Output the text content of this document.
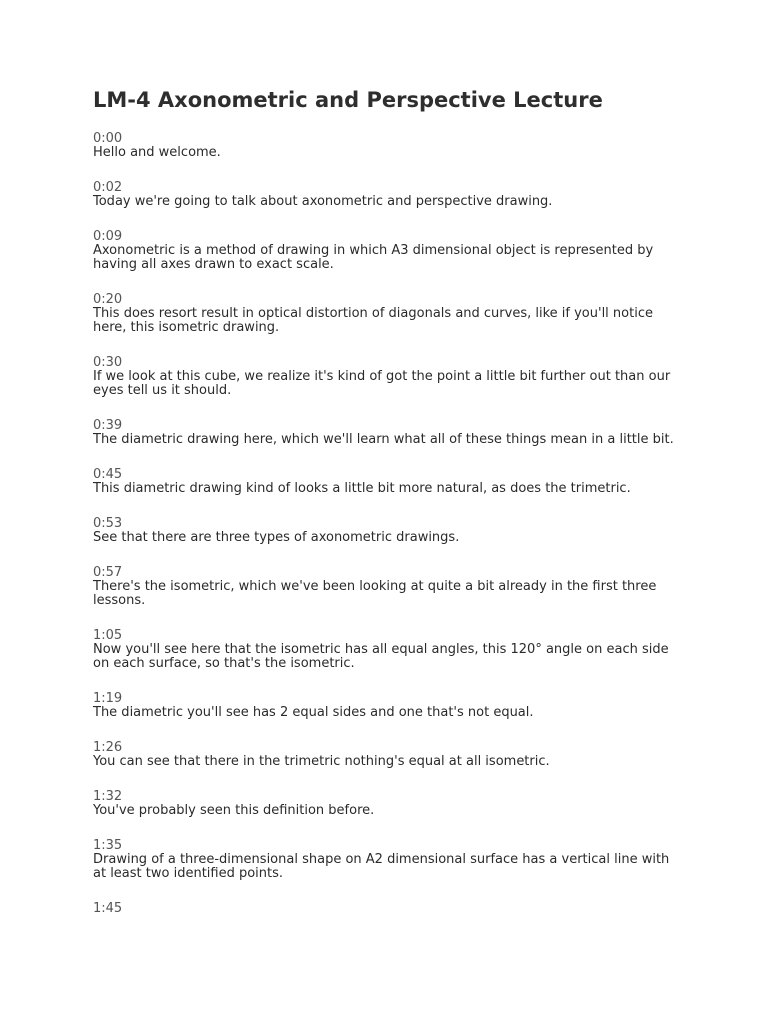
LM-4 Axonometric and Perspective Lecture
0:00
Hello and welcome.
0:02
Today we're going to talk about axonometric and perspective drawing.
0:09
Axonometric is a method of drawing in which A3 dimensional object is represented by having all axes drawn to exact scale.
0:20
This does resort result in optical distortion of diagonals and curves, like if you'll notice here, this isometric drawing.
0:30
If we look at this cube, we realize it's kind of got the point a little bit further out than our eyes tell us it should.
0:39
The diametric drawing here, which we'll learn what all of these things mean in a little bit.
0:45
This diametric drawing kind of looks a little bit more natural, as does the trimetric.
0:53
See that there are three types of axonometric drawings.
0:57
There's the isometric, which we've been looking at quite a bit already in the first three lessons.
1:05
Now you'll see here that the isometric has all equal angles, this 120° angle on each side on each surface, so that's the isometric.
1:19
The diametric you'll see has 2 equal sides and one that's not equal.
1:26
You can see that there in the trimetric nothing's equal at all isometric.
1:32
You've probably seen this definition before.
1:35
Drawing of a three-dimensional shape on A2 dimensional surface has a vertical line with at least two identified points.
1:45
